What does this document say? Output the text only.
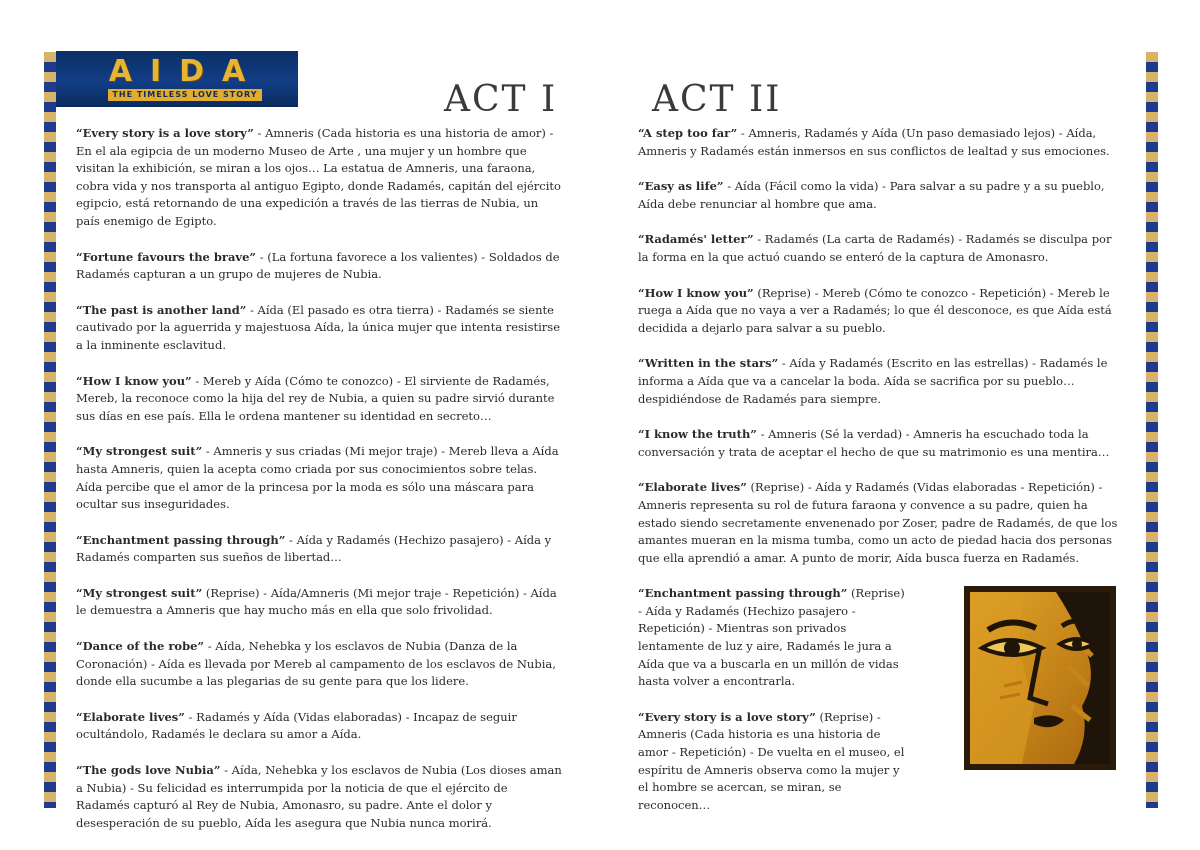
AIDA
THE TIMELESS LOVE STORY	ACT I	ACT II

“Every story is a love story” - Amneris (Cada historia es una historia de amor) - En el ala egipcia de un moderno Museo de Arte , una mujer y un hombre que visitan la exhibición, se miran a los ojos… La estatua de Amneris, una faraona, cobra vida y nos transporta al antiguo Egipto, donde Radamés, capitán del ejército egipcio, está retornando de una expedición a través de las tierras de Nubia, un país enemigo de Egipto.

“Fortune favours the brave” - (La fortuna favorece a los valientes) - Soldados de Radamés capturan a un grupo de mujeres de Nubia.

“The past is another land” - Aída (El pasado es otra tierra) - Radamés se siente cautivado por la aguerrida y majestuosa Aída, la única mujer que intenta resistirse a la inminente esclavitud.

“How I know you” - Mereb y Aída (Cómo te conozco) - El sirviente de Radamés, Mereb, la reconoce como la hija del rey de Nubia, a quien su padre sirvió durante sus días en ese país. Ella le ordena mantener su identidad en secreto…

“My strongest suit” - Amneris y sus criadas (Mi mejor traje) - Mereb lleva a Aída hasta Amneris, quien la acepta como criada por sus conocimientos sobre telas. Aída percibe que el amor de la princesa por la moda es sólo una máscara para ocultar sus inseguridades.

“Enchantment passing through” - Aída y Radamés (Hechizo pasajero) - Aída y Radamés comparten sus sueños de libertad…

“My strongest suit” (Reprise) - Aída/Amneris (Mi mejor traje - Repetición) - Aída le demuestra a Amneris que hay mucho más en ella que solo frivolidad.

“Dance of the robe” - Aída, Nehebka y los esclavos de Nubia (Danza de la Coronación) - Aída es llevada por Mereb al campamento de los esclavos de Nubia, donde ella sucumbe a las plegarias de su gente para que los lidere.

“Elaborate lives” - Radamés y Aída (Vidas elaboradas) - Incapaz de seguir ocultándolo, Radamés le declara su amor a Aída.

“The gods love Nubia” - Aída, Nehebka y los esclavos de Nubia (Los dioses aman a Nubia) - Su felicidad es interrumpida por la noticia de que el ejército de Radamés capturó al Rey de Nubia, Amonasro, su padre. Ante el dolor y desesperación de su pueblo, Aída les asegura que Nubia nunca morirá.

“A step too far” - Amneris, Radamés y Aída (Un paso demasiado lejos) - Aída, Amneris y Radamés están inmersos en sus conflictos de lealtad y sus emociones.

“Easy as life” - Aída (Fácil como la vida) - Para salvar a su padre y a su pueblo, Aída debe renunciar al hombre que ama.

“Radamés' letter” - Radamés (La carta de Radamés) - Radamés se disculpa por la forma en la que actuó cuando se enteró de la captura de Amonasro.

“How I know you” (Reprise) - Mereb (Cómo te conozco - Repetición) - Mereb le ruega a Aída que no vaya a ver a Radamés; lo que él desconoce, es que Aída está decidida a dejarlo para salvar a su pueblo.

“Written in the stars” - Aída y Radamés (Escrito en las estrellas) - Radamés le informa a Aída que va a cancelar la boda. Aída se sacrifica por su pueblo… despidiéndose de Radamés para siempre.

“I know the truth” - Amneris (Sé la verdad) - Amneris ha escuchado toda la conversación y trata de aceptar el hecho de que su matrimonio es una mentira…

“Elaborate lives” (Reprise) - Aída y Radamés (Vidas elaboradas - Repetición) - Amneris representa su rol de futura faraona y convence a su padre, quien ha estado siendo secretamente envenenado por Zoser, padre de Radamés, de que los amantes mueran en la misma tumba, como un acto de piedad hacia dos personas que ella aprendió a amar. A punto de morir, Aída busca fuerza en Radamés.

“Enchantment passing through” (Reprise) - Aída y Radamés (Hechizo pasajero - Repetición) - Mientras son privados lentamente de luz y aire, Radamés le jura a Aída que va a buscarla en un millón de vidas hasta volver a encontrarla.

“Every story is a love story” (Reprise) - Amneris (Cada historia es una historia de amor - Repetición) - De vuelta en el museo, el espíritu de Amneris observa como la mujer y el hombre se acercan, se miran, se reconocen…
